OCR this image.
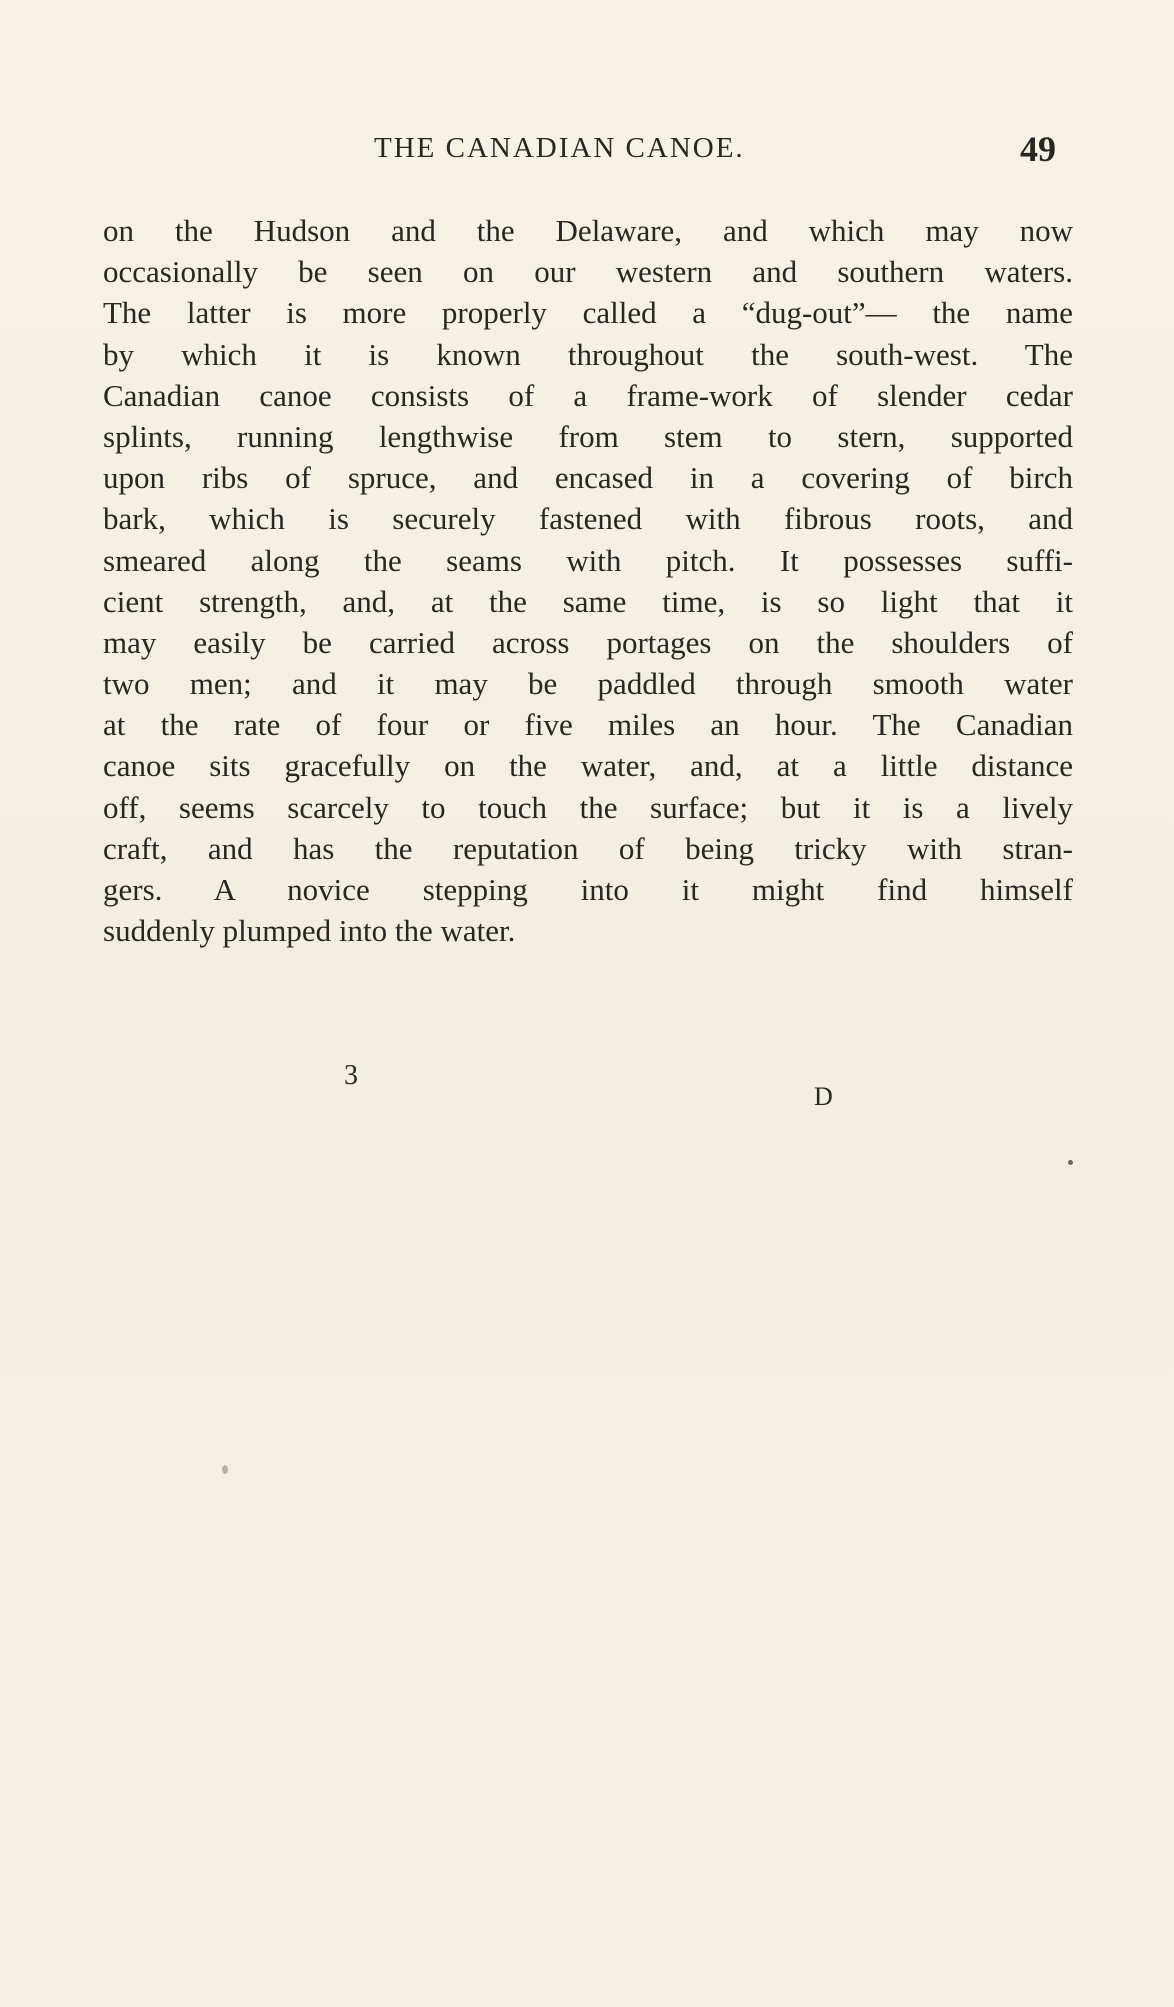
THE CANADIAN CANOE.	49
on the Hudson and the Delaware, and which may now
occasionally be seen on our western and southern waters.
The latter is more properly called a “dug-out”— the name
by which it is known throughout the south-west. The
Canadian canoe consists of a frame-work of slender cedar
splints, running lengthwise from stem to stern, supported
upon ribs of spruce, and encased in a covering of birch
bark, which is securely fastened with fibrous roots, and
smeared along the seams with pitch. It possesses suffi-
cient strength, and, at the same time, is so light that it
may easily be carried across portages on the shoulders of
two men; and it may be paddled through smooth water
at the rate of four or five miles an hour. The Canadian
canoe sits gracefully on the water, and, at a little distance
off, seems scarcely to touch the surface; but it is a lively
craft, and has the reputation of being tricky with stran-
gers. A novice stepping into it might find himself
suddenly plumped into the water.
3
D
